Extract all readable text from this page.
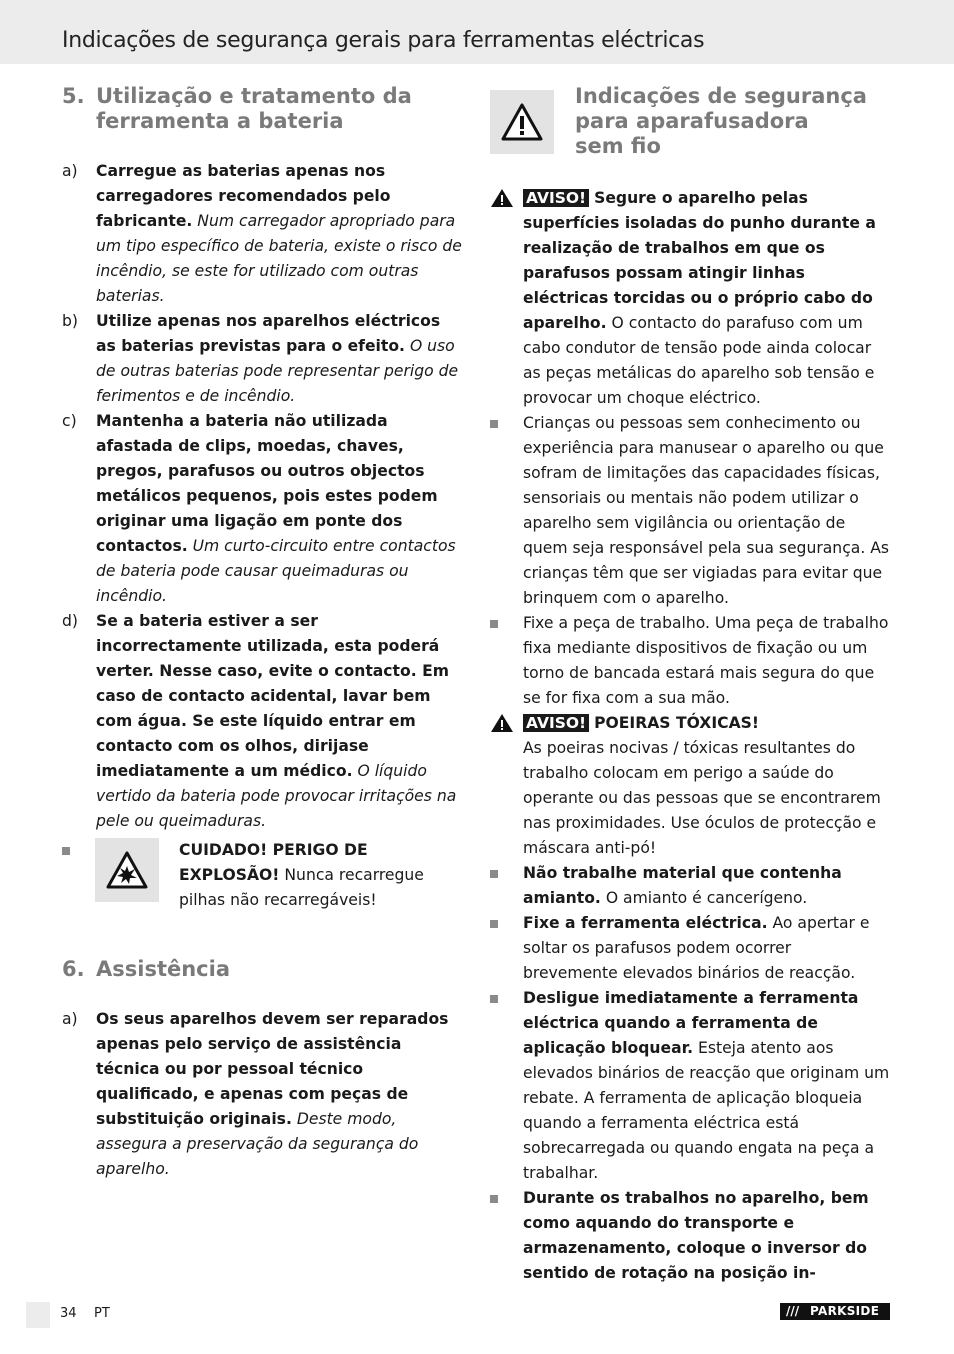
Indicações de segurança gerais para ferramentas eléctricas
5. Utilização e tratamento da
ferramenta a bateria
a)	Carregue as baterias apenas nos carregadores recomendados pelo fabricante. Num carregador apropriado para um tipo específico de bateria, existe o risco de incêndio, se este for utilizado com outras baterias.
b)	Utilize apenas nos aparelhos eléctricos as baterias previstas para o efeito. O uso de outras baterias pode representar perigo de ferimentos e de incêndio.
c)	Mantenha a bateria não utilizada afastada de clips, moedas, chaves, pregos, parafusos ou outros objectos metálicos pequenos, pois estes podem originar uma ligação em ponte dos contactos. Um curto-circuito entre contactos de bateria pode causar queimaduras ou incêndio.
d)	Se a bateria estiver a ser incorrectamente utilizada, esta poderá verter. Nesse caso, evite o contacto. Em caso de contacto acidental, lavar bem com água. Se este líquido entrar em contacto com os olhos, dirijase imediatamente a um médico. O líquido vertido da bateria pode provocar irritações na pele ou queimaduras.
CUIDADO! PERIGO DE EXPLOSÃO! Nunca recarregue pilhas não recarregáveis!
6. Assistência
a)	Os seus aparelhos devem ser reparados apenas pelo serviço de assistência técnica ou por pessoal técnico qualificado, e apenas com peças de substituição originais. Deste modo, assegura a preservação da segurança do aparelho.
Indicações de segurança
para aparafusadora
sem fio
AVISO! Segure o aparelho pelas superfícies isoladas do punho durante a realização de trabalhos em que os parafusos possam atingir linhas eléctricas torcidas ou o próprio cabo do aparelho. O contacto do parafuso com um cabo condutor de tensão pode ainda colocar as peças metálicas do aparelho sob tensão e provocar um choque eléctrico.
Crianças ou pessoas sem conhecimento ou experiência para manusear o aparelho ou que sofram de limitações das capacidades físicas, sensoriais ou mentais não podem utilizar o aparelho sem vigilância ou orientação de quem seja responsável pela sua segurança. As crianças têm que ser vigiadas para evitar que brinquem com o aparelho.
Fixe a peça de trabalho. Uma peça de trabalho fixa mediante dispositivos de fixação ou um torno de bancada estará mais segura do que se for fixa com a sua mão.
AVISO! POEIRAS TÓXICAS!
As poeiras nocivas / tóxicas resultantes do trabalho colocam em perigo a saúde do operante ou das pessoas que se encontrarem nas proximidades. Use óculos de protecção e máscara anti-pó!
Não trabalhe material que contenha amianto. O amianto é cancerígeno.
Fixe a ferramenta eléctrica. Ao apertar e soltar os parafusos podem ocorrer brevemente elevados binários de reacção.
Desligue imediatamente a ferramenta eléctrica quando a ferramenta de aplicação bloquear. Esteja atento aos elevados binários de reacção que originam um rebate. A ferramenta de aplicação bloqueia quando a ferramenta eléctrica está sobrecarregada ou quando engata na peça a trabalhar.
Durante os trabalhos no aparelho, bem como aquando do transporte e armazenamento, coloque o inversor do sentido de rotação na posição in-
34 PT	/// PARKSIDE
